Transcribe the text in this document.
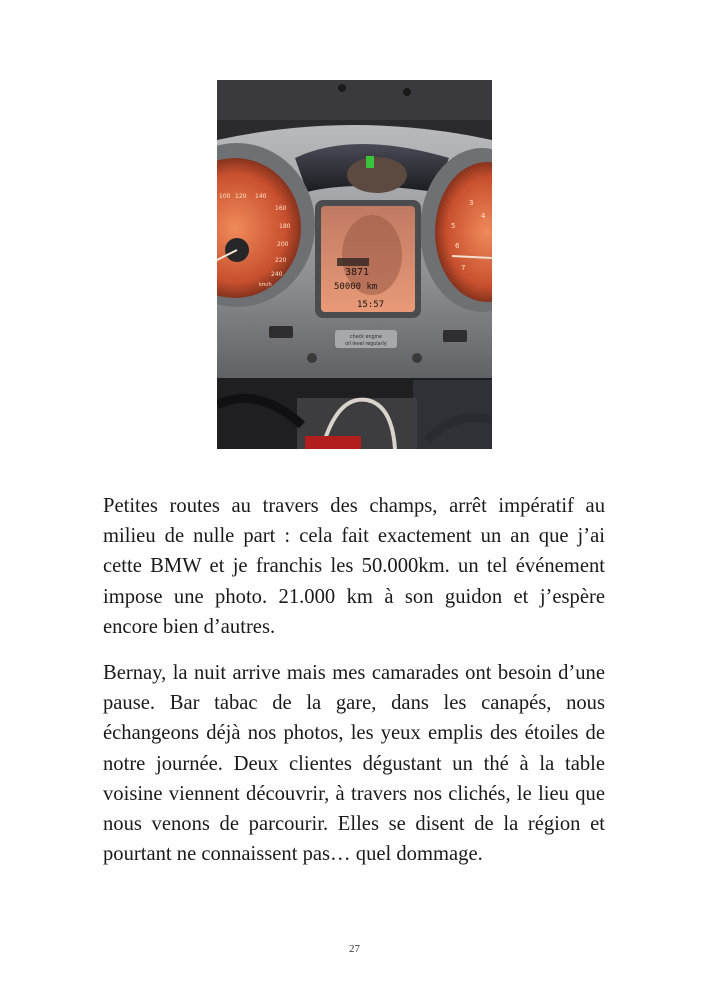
120 140
160
180
200
220
240
100
km/h
3
4
5
6
7
3871
50000 km
15:57
check engine
oil level regularly

Petites routes au travers des champs, arrêt impératif au milieu de nulle part : cela fait exactement un an que j’ai cette BMW et je franchis les 50.000km. un tel événement impose une photo. 21.000 km à son guidon et j’espère encore bien d’autres.

Bernay, la nuit arrive mais mes camarades ont besoin d’une pause. Bar tabac de la gare, dans les canapés, nous échangeons déjà nos photos, les yeux emplis des étoiles de notre journée. Deux clientes dégustant un thé à la table voisine viennent découvrir, à travers nos clichés, le lieu que nous venons de parcourir. Elles se disent de la région et pourtant ne connaissent pas… quel dommage.

27
